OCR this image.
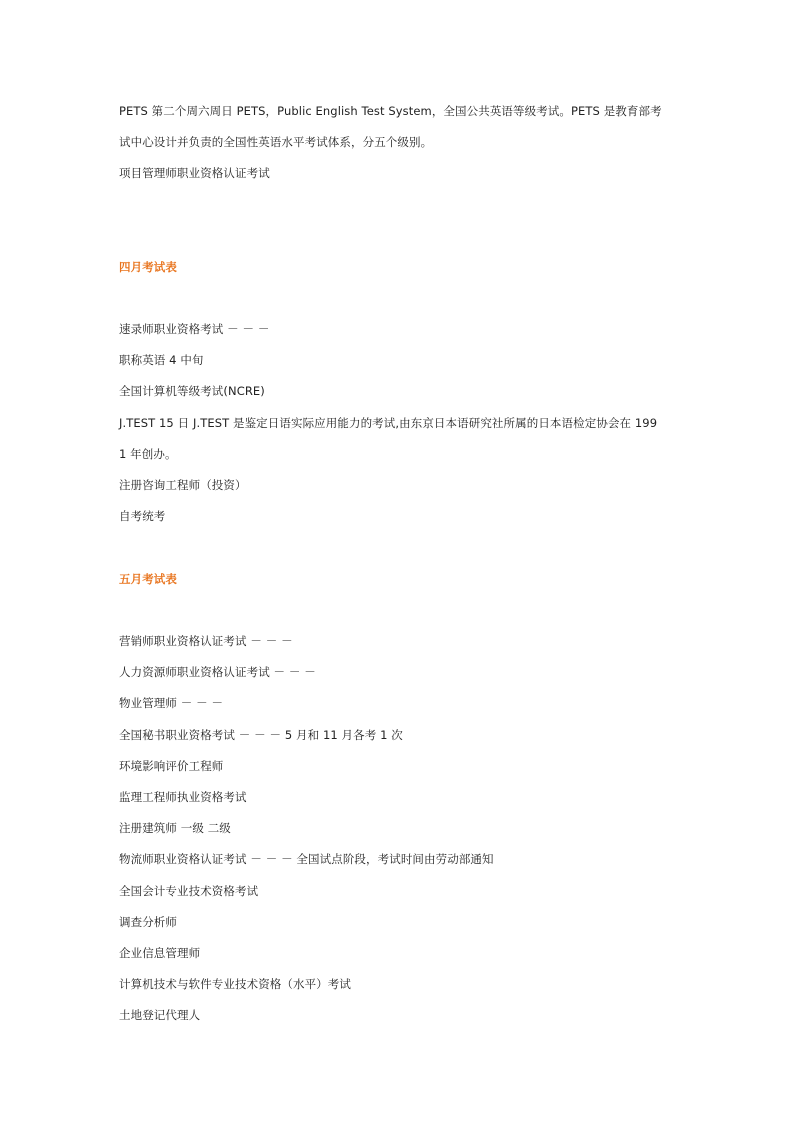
PETS 第二个周六周日 PETS，Public English Test System，全国公共英语等级考试。PETS 是教育部考
试中心设计并负责的全国性英语水平考试体系，分五个级别。
项目管理师职业资格认证考试
四月考试表
速录师职业资格考试 － － －
职称英语 4 中旬
全国计算机等级考试(NCRE)
J.TEST 15 日 J.TEST 是鉴定日语实际应用能力的考试,由东京日本语研究社所属的日本语检定协会在 199
1 年创办。
注册咨询工程师（投资）
自考统考
五月考试表
营销师职业资格认证考试 － － －
人力资源师职业资格认证考试 － － －
物业管理师 － － －
全国秘书职业资格考试 － － － 5 月和 11 月各考 1 次
环境影响评价工程师
监理工程师执业资格考试
注册建筑师 一级 二级
物流师职业资格认证考试 － － － 全国试点阶段，考试时间由劳动部通知
全国会计专业技术资格考试
调查分析师
企业信息管理师
计算机技术与软件专业技术资格（水平）考试
土地登记代理人
